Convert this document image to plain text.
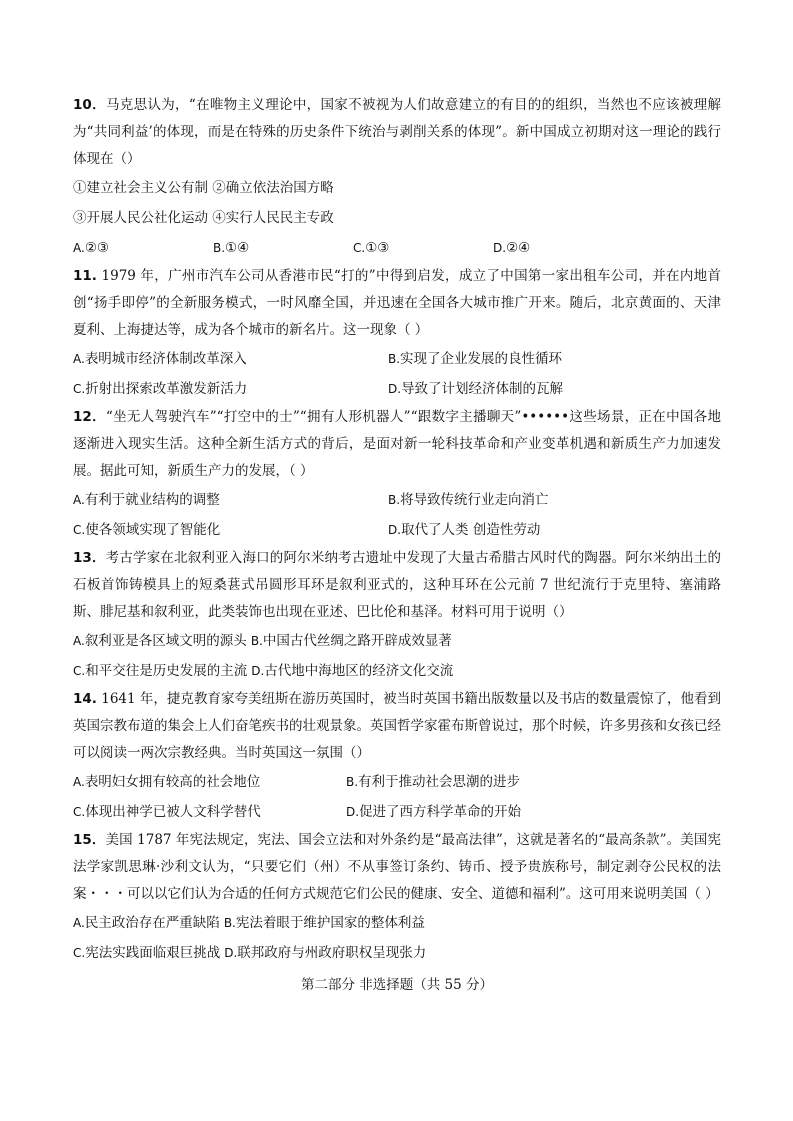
10．马克思认为，“在唯物主义理论中，国家不被视为人们故意建立的有目的的组织，当然也不应该被理解为“共同利益’的体现，而是在特殊的历史条件下统治与剥削关系的体现”。新中国成立初期对这一理论的践行体现在（）

①建立社会主义公有制 ②确立依法治国方略

③开展人民公社化运动 ④实行人民民主专政

A.②③	B.①④	C.①③	D.②④

11. 1979 年，广州市汽车公司从香港市民“打的”中得到启发，成立了中国第一家出租车公司，并在内地首创“扬手即停”的全新服务模式，一时风靡全国，并迅速在全国各大城市推广开来。随后，北京黄面的、天津夏利、上海捷达等，成为各个城市的新名片。这一现象（ ）

A.表明城市经济体制改革深入	B.实现了企业发展的良性循环
C.折射出探索改革激发新活力	D.导致了计划经济体制的瓦解

12．“坐无人驾驶汽车”“打空中的士”“拥有人形机器人”“跟数字主播聊天”••••••这些场景，正在中国各地逐渐进入现实生活。这种全新生活方式的背后，是面对新一轮科技革命和产业变革机遇和新质生产力加速发展。据此可知，新质生产力的发展，（ ）

A.有利于就业结构的调整	B.将导致传统行业走向消亡
C.使各领域实现了智能化	D.取代了人类 创造性劳动

13．考古学家在北叙利亚入海口的阿尔米纳考古遗址中发现了大量古希腊古风时代的陶器。阿尔米纳出土的石板首饰铸模具上的短桑葚式吊圆形耳环是叙利亚式的，这种耳环在公元前 7 世纪流行于克里特、塞浦路斯、腓尼基和叙利亚，此类装饰也出现在亚述、巴比伦和基泽。材料可用于说明（）

A.叙利亚是各区域文明的源头 B.中国古代丝绸之路开辟成效显著

C.和平交往是历史发展的主流 D.古代地中海地区的经济文化交流

14. 1641 年，捷克教育家夸美纽斯在游历英国时，被当时英国书籍出版数量以及书店的数量震惊了，他看到英国宗教布道的集会上人们奋笔疾书的壮观景象。英国哲学家霍布斯曾说过，那个时候，许多男孩和女孩已经可以阅读一两次宗教经典。当时英国这一氛围（）

A.表明妇女拥有较高的社会地位	B.有利于推动社会思潮的进步
C.体现出神学已被人文科学替代	D.促进了西方科学革命的开始

15．美国 1787 年宪法规定，宪法、国会立法和对外条约是“最高法律”，这就是著名的“最高条款”。美国宪法学家凯思琳·沙利文认为，“只要它们（州）不从事签订条约、铸币、授予贵族称号，制定剥夺公民权的法案・・・可以以它们认为合适的任何方式规范它们公民的健康、安全、道德和福利”。这可用来说明美国（ ）

A.民主政治存在严重缺陷 B.宪法着眼于维护国家的整体利益

C.宪法实践面临艰巨挑战 D.联邦政府与州政府职权呈现张力

第二部分 非选择题（共 55 分）
